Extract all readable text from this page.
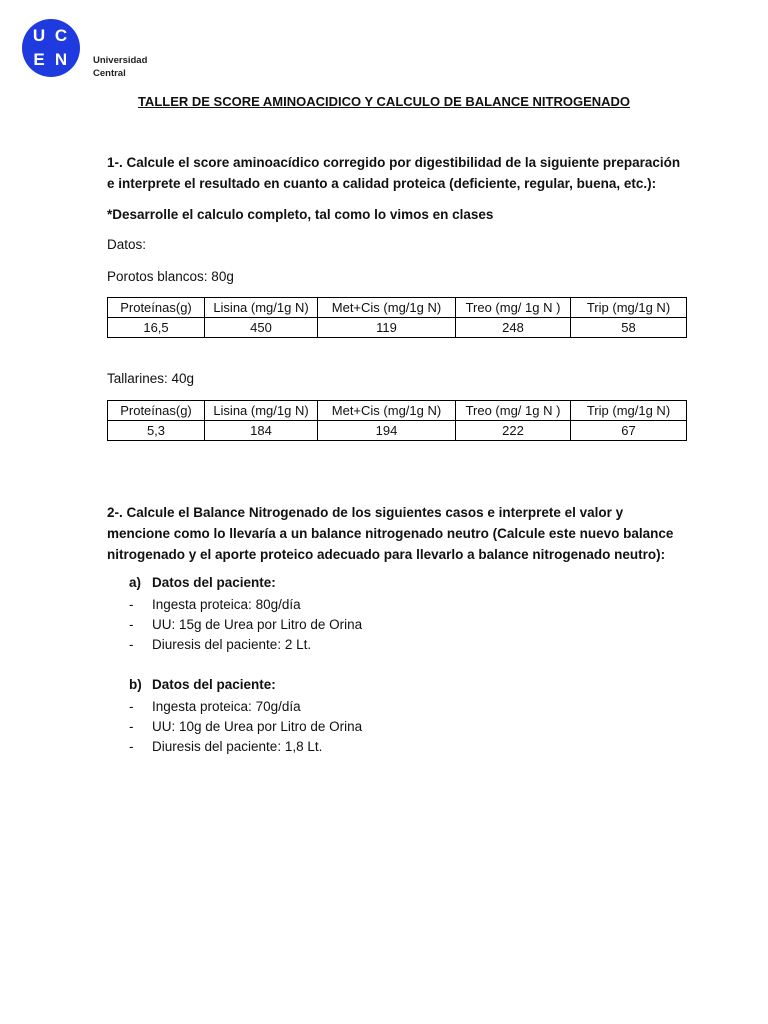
U C
E N	Universidad
Central
TALLER DE SCORE AMINOACIDICO Y CALCULO DE BALANCE NITROGENADO
1-. Calcule el score aminoacídico corregido por digestibilidad de la siguiente preparación e interprete el resultado en cuanto a calidad proteica (deficiente, regular, buena, etc.):
*Desarrolle el calculo completo, tal como lo vimos en clases
Datos:
Porotos blancos: 80g
Proteínas(g)	Lisina (mg/1g N)	Met+Cis (mg/1g N)	Treo (mg/ 1g N )	Trip (mg/1g N)
16,5	450	119	248	58
Tallarines: 40g
Proteínas(g)	Lisina (mg/1g N)	Met+Cis (mg/1g N)	Treo (mg/ 1g N )	Trip (mg/1g N)
5,3	184	194	222	67
2-. Calcule el Balance Nitrogenado de los siguientes casos e interprete el valor y mencione como lo llevaría a un balance nitrogenado neutro (Calcule este nuevo balance nitrogenado y el aporte proteico adecuado para llevarlo a balance nitrogenado neutro):
a) Datos del paciente:
- Ingesta proteica: 80g/día
- UU: 15g de Urea por Litro de Orina
- Diuresis del paciente: 2 Lt.
b) Datos del paciente:
- Ingesta proteica: 70g/día
- UU: 10g de Urea por Litro de Orina
- Diuresis del paciente: 1,8 Lt.
